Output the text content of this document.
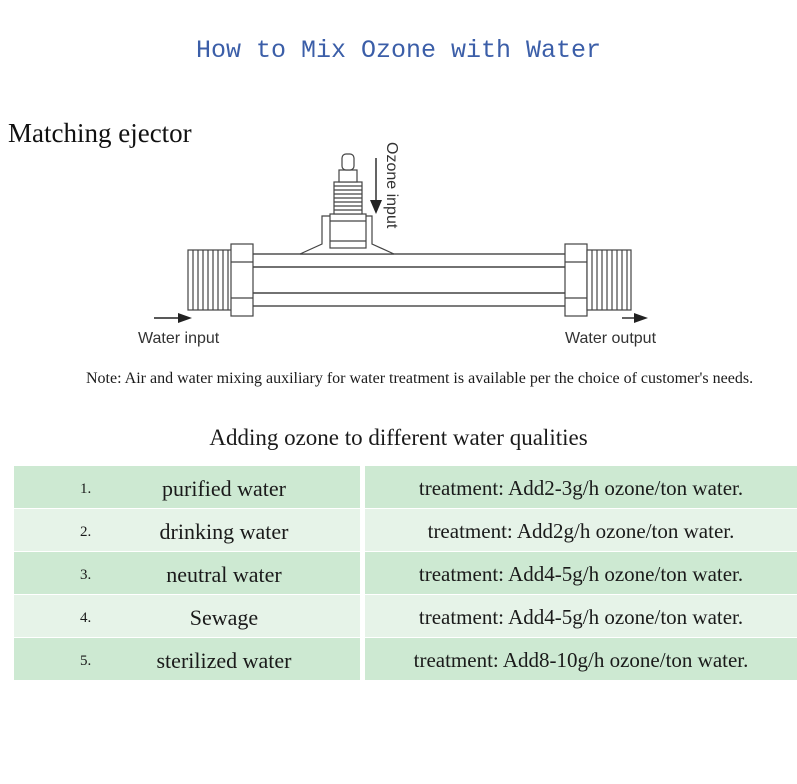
How to Mix Ozone with Water
Matching ejector
Ozone input
Water input	Water output

Note: Air and water mixing auxiliary for water treatment is available per the choice of customer's needs.

Adding ozone to different water qualities
1.	purified water	treatment: Add2-3g/h ozone/ton water.
2.	drinking water	treatment: Add2g/h ozone/ton water.
3.	neutral water	treatment: Add4-5g/h ozone/ton water.
4.	Sewage	treatment: Add4-5g/h ozone/ton water.
5.	sterilized water	treatment: Add8-10g/h ozone/ton water.
